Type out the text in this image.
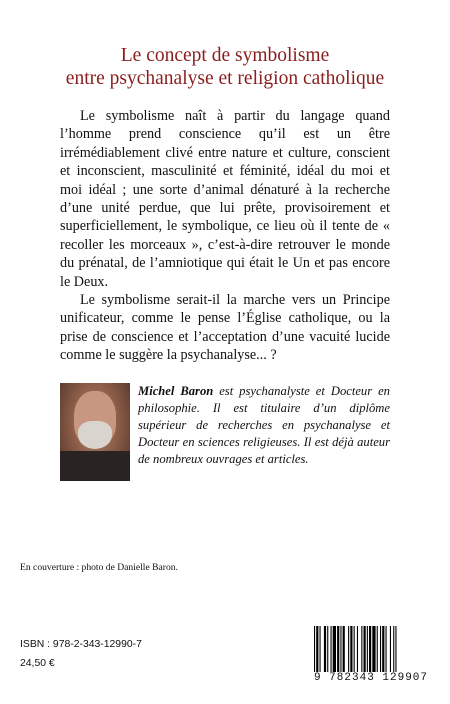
Le concept de symbolisme
entre psychanalyse et religion catholique

Le symbolisme naît à partir du langage quand l’homme prend conscience qu’il est un être irrémédiablement clivé entre nature et culture, conscient et inconscient, masculinité et féminité, idéal du moi et moi idéal ; une sorte d’animal dénaturé à la recherche d’une unité perdue, que lui prête, provisoirement et superficiellement, le symbolique, ce lieu où il tente de « recoller les morceaux », c’est-à-dire retrouver le monde du prénatal, de l’amniotique qui était le Un et pas encore le Deux.

Le symbolisme serait-il la marche vers un Principe unificateur, comme le pense l’Église catholique, ou la prise de conscience et l’acceptation d’une vacuité lucide comme le suggère la psychanalyse... ?

Michel Baron est psychanalyste et Docteur en philosophie. Il est titulaire d’un diplôme supérieur de recherches en psychanalyse et Docteur en sciences religieuses. Il est déjà auteur de nombreux ouvrages et articles.
En couverture : photo de Danielle Baron.
ISBN : 978-2-343-12990-7
24,50 €
9 782343 129907
